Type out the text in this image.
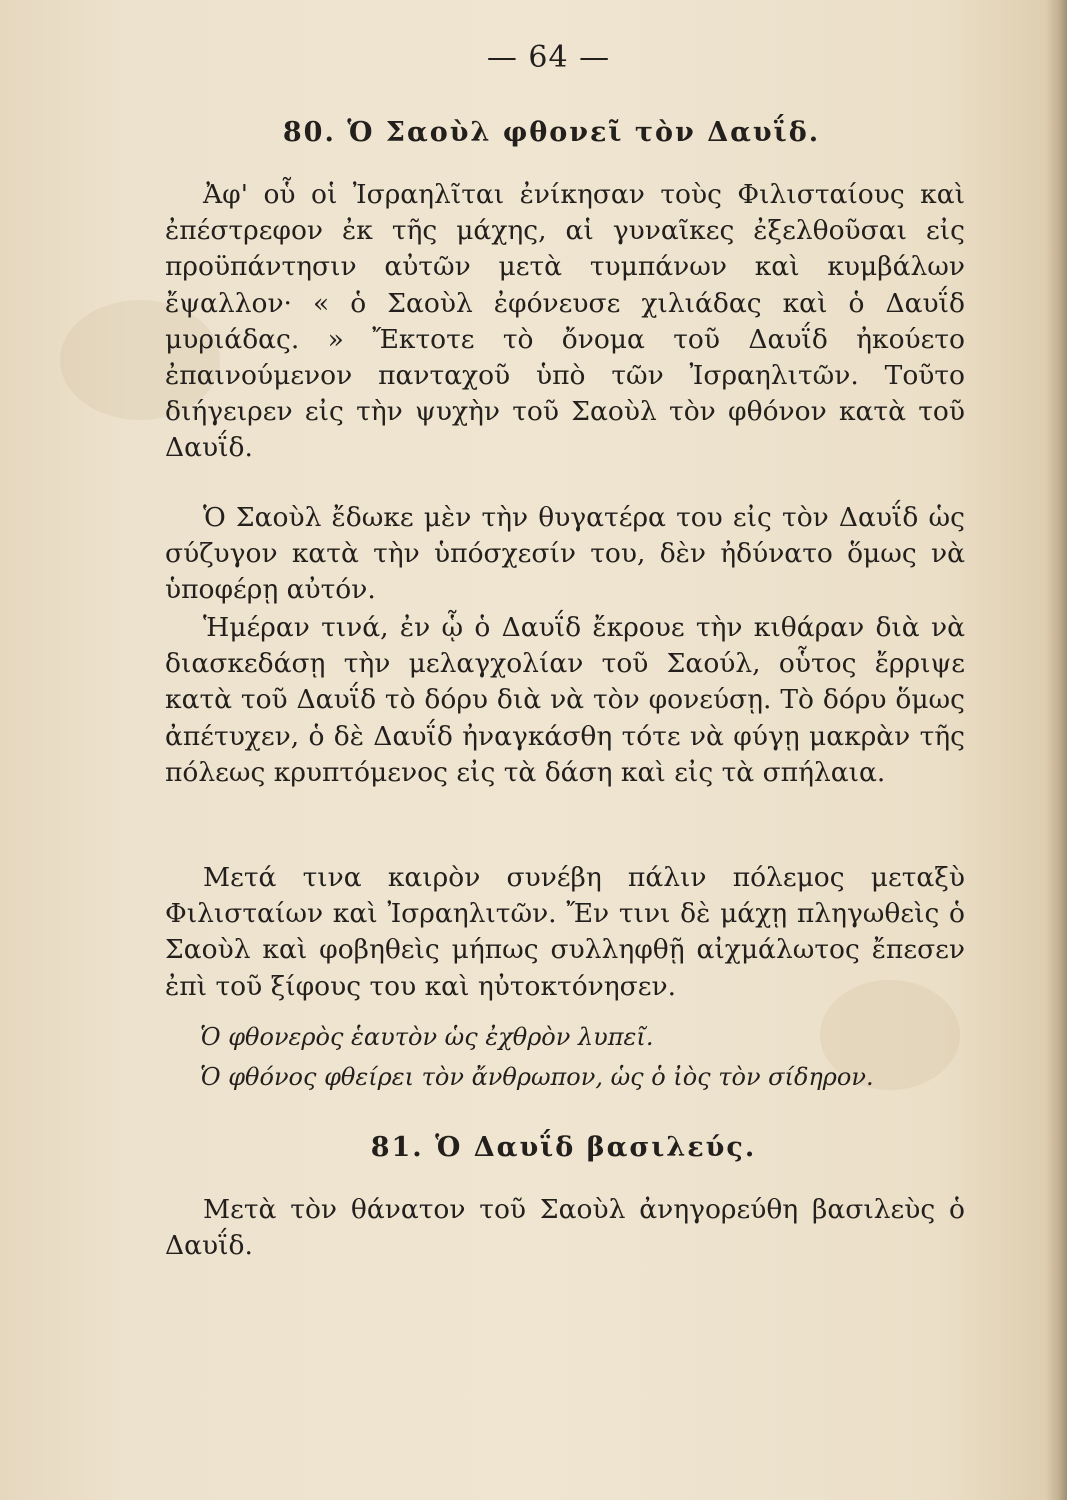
— 64 —
80. Ὁ Σαοὺλ φθονεῖ τὸν Δαυΐδ.
Ἀφ' οὗ οἱ Ἰσραηλῖται ἐνίκησαν τοὺς Φιλισταίους καὶ ἐπέστρεφον ἐκ τῆς μάχης, αἱ γυναῖκες ἐξελθοῦσαι εἰς προϋπάντησιν αὐτῶν μετὰ τυμπάνων καὶ κυμβάλων ἔψαλλον· « ὁ Σαοὺλ ἐφόνευσε χιλιάδας καὶ ὁ Δαυΐδ μυριάδας. » Ἔκτοτε τὸ ὄνομα τοῦ Δαυΐδ ἠκούετο ἐπαινούμενον πανταχοῦ ὑπὸ τῶν Ἰσραηλιτῶν. Τοῦτο διήγειρεν εἰς τὴν ψυχὴν τοῦ Σαοὺλ τὸν φθόνον κατὰ τοῦ Δαυΐδ.
Ὁ Σαοὺλ ἔδωκε μὲν τὴν θυγατέρα του εἰς τὸν Δαυΐδ ὡς σύζυγον κατὰ τὴν ὑπόσχεσίν του, δὲν ἠδύνατο ὅμως νὰ ὑποφέρῃ αὐτόν.
Ἡμέραν τινά, ἐν ᾧ ὁ Δαυΐδ ἔκρουε τὴν κιθάραν διὰ νὰ διασκεδάσῃ τὴν μελαγχολίαν τοῦ Σαούλ, οὗτος ἔρριψε κατὰ τοῦ Δαυΐδ τὸ δόρυ διὰ νὰ τὸν φονεύσῃ. Τὸ δόρυ ὅμως ἀπέτυχεν, ὁ δὲ Δαυΐδ ἠναγκάσθη τότε νὰ φύγῃ μακρὰν τῆς πόλεως κρυπτόμενος εἰς τὰ δάση καὶ εἰς τὰ σπήλαια.
Μετά τινα καιρὸν συνέβη πάλιν πόλεμος μεταξὺ Φιλισταίων καὶ Ἰσραηλιτῶν. Ἔν τινι δὲ μάχῃ πληγωθεὶς ὁ Σαοὺλ καὶ φοβηθεὶς μήπως συλληφθῇ αἰχμάλωτος ἔπεσεν ἐπὶ τοῦ ξίφους του καὶ ηὐτοκτόνησεν.
Ὁ φθονερὸς ἑαυτὸν ὡς ἐχθρὸν λυπεῖ.
Ὁ φθόνος φθείρει τὸν ἄνθρωπον, ὡς ὁ ἰὸς τὸν σίδηρον.
81. Ὁ Δαυΐδ βασιλεύς.
Μετὰ τὸν θάνατον τοῦ Σαοὺλ ἀνηγορεύθη βασιλεὺς ὁ Δαυΐδ.
